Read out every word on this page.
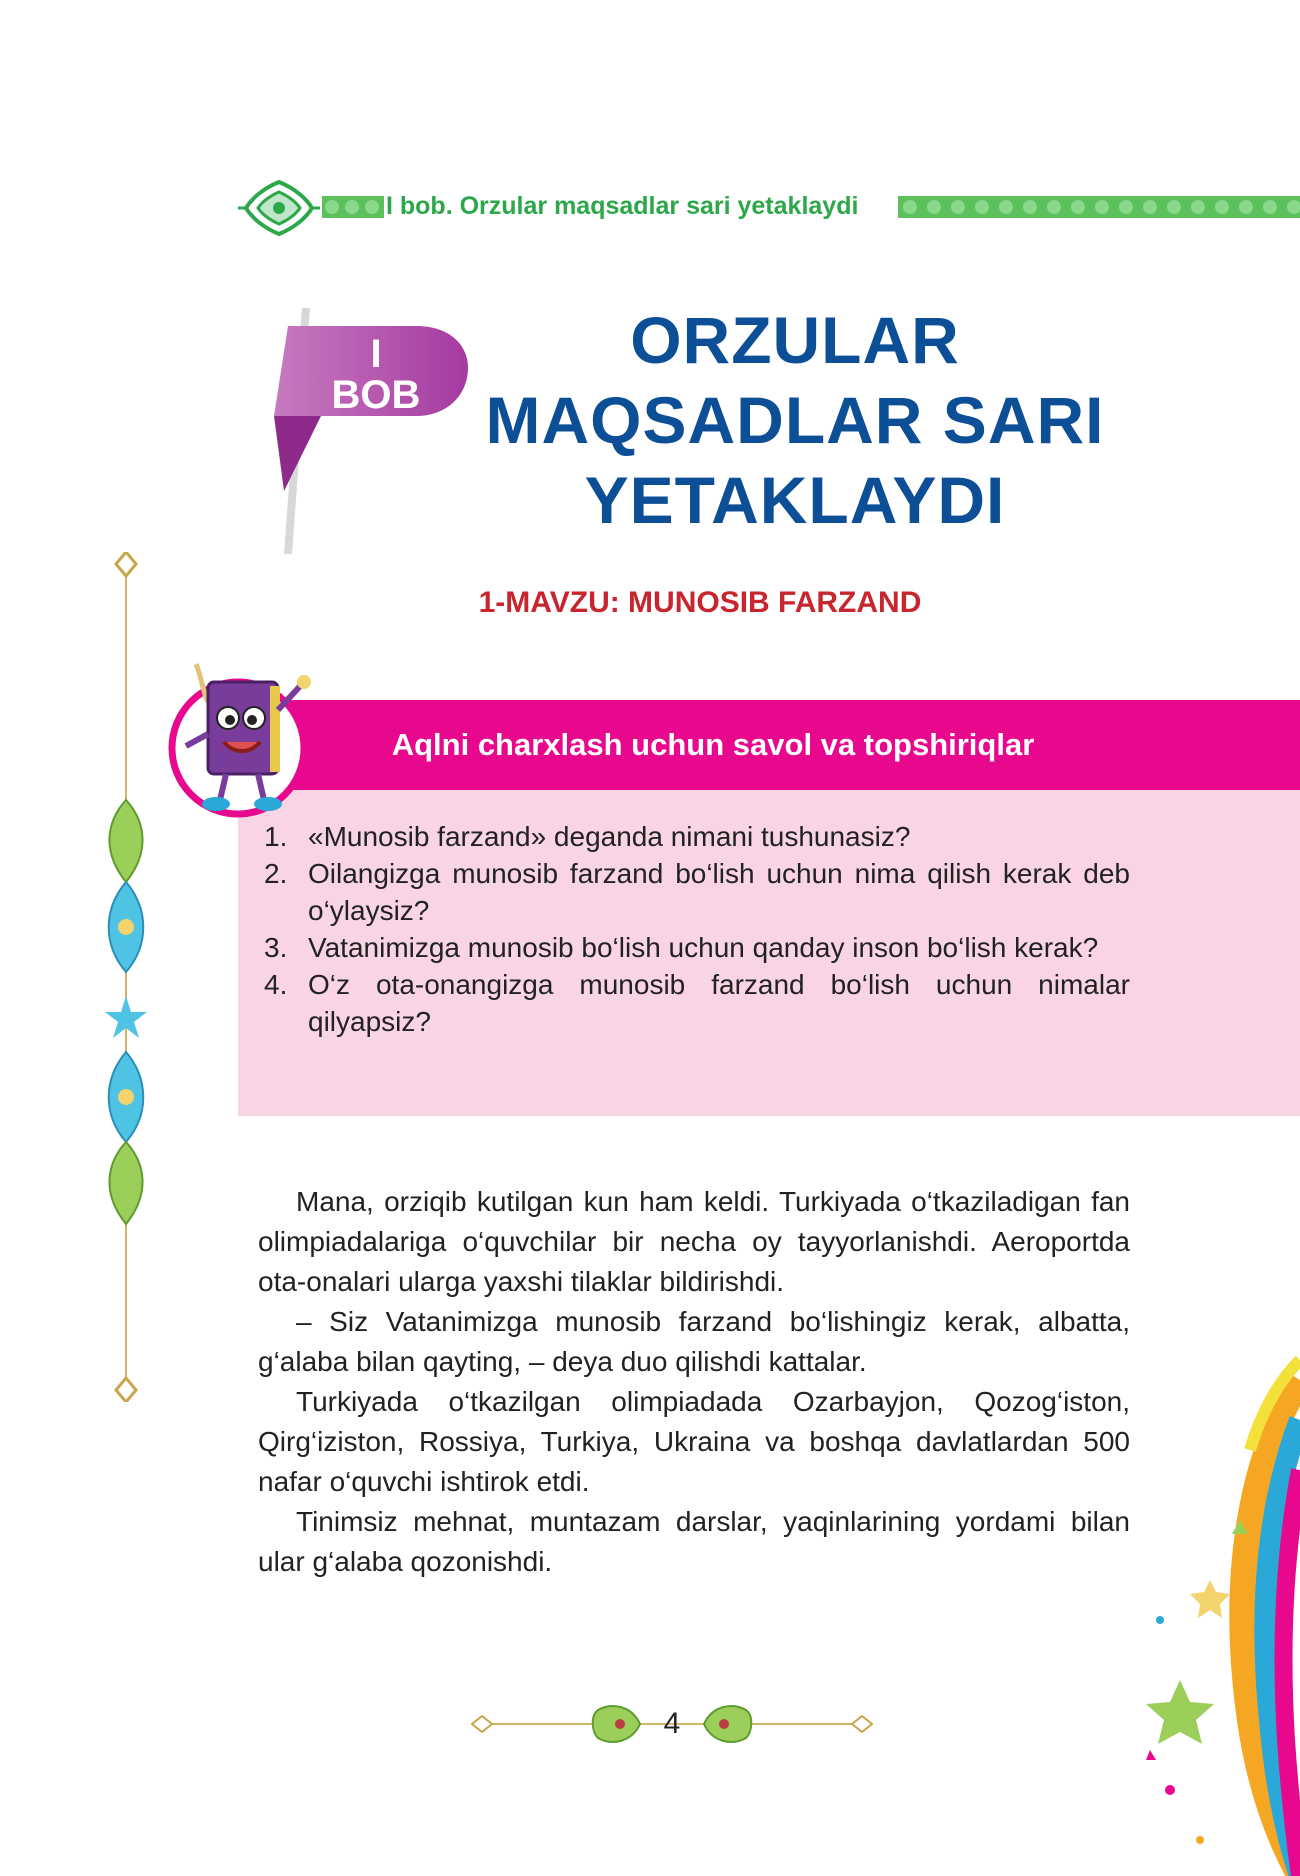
I bob. Orzular maqsadlar sari yetaklaydi
I
BOB
ORZULAR
MAQSADLAR SARI
YETAKLAYDI
1-MAVZU: MUNOSIB FARZAND
Aqlni charxlash uchun savol va topshiriqlar
1. «Munosib farzand» deganda nimani tushunasiz?
2. Oilangizga munosib farzand bo‘lish uchun nima qilish kerak deb o‘ylaysiz?
3. Vatanimizga munosib bo‘lish uchun qanday inson bo‘lish kerak?
4. O‘z ota-onangizga munosib farzand bo‘lish uchun nimalar qilyapsiz?

Mana, orziqib kutilgan kun ham keldi. Turkiyada o‘tkaziladigan fan olimpiadalariga o‘quvchilar bir necha oy tayyorlanishdi. Aeroportda ota-onalari ularga yaxshi tilaklar bildirishdi.

– Siz Vatanimizga munosib farzand bo‘lishingiz kerak, albatta, g‘alaba bilan qayting, – deya duo qilishdi kattalar.

Turkiyada o‘tkazilgan olimpiadada Ozarbayjon, Qozog‘iston, Qirg‘iziston, Rossiya, Turkiya, Ukraina va boshqa davlatlardan 500 nafar o‘quvchi ishtirok etdi.

Tinimsiz mehnat, muntazam darslar, yaqinlarining yordami bilan ular g‘alaba qozonishdi.

4
